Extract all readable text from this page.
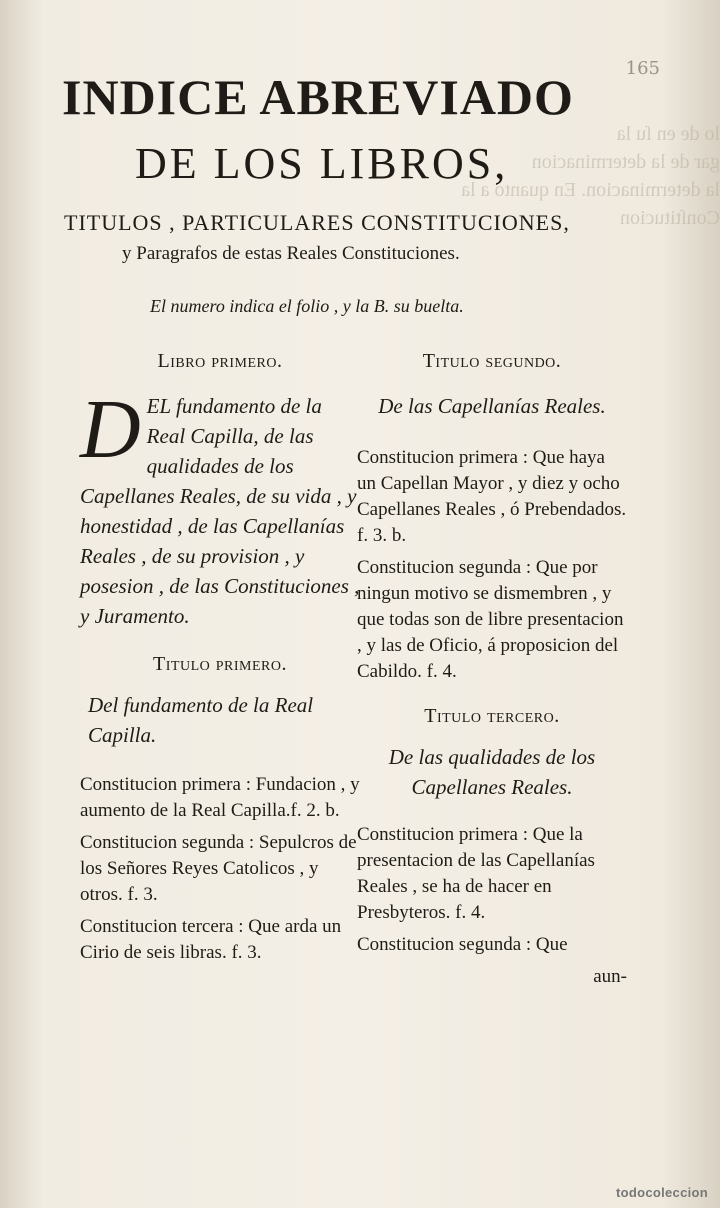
165
lo de en ſu la
gar de la determinacion
la determinacion. En quanto a la Conſtitucion
INDICE ABREVIADO
DE LOS LIBROS,
TITULOS , PARTICULARES CONSTITUCIONES,
y Paragrafos de estas Reales Constituciones.
El numero indica el folio , y la B. su buelta.
Libro primero.
D EL fundamento de la Real Capilla, de las qualidades de los Capellanes Reales, de su vida , y honestidad , de las Capellanías Reales , de su provision , y posesion , de las Constituciones , y Juramento.
Titulo primero.
Del fundamento de la Real Capilla.
Constitucion primera : Fundacion , y aumento de la Real Capilla.f. 2. b.
Constitucion segunda : Sepulcros de los Señores Reyes Catolicos , y otros. f. 3.
Constitucion tercera : Que arda un Cirio de seis libras. f. 3.
Titulo segundo.
De las Capellanías Reales.
Constitucion primera : Que haya un Capellan Mayor , y diez y ocho Capellanes Reales , ó Prebendados. f. 3. b.
Constitucion segunda : Que por ningun motivo se dismembren , y que todas son de libre presentacion , y las de Oficio, á proposicion del Cabildo. f. 4.
Titulo tercero.
De las qualidades de los Capellanes Reales.
Constitucion primera : Que la presentacion de las Capellanías Reales , se ha de hacer en Presbyteros. f. 4.
Constitucion segunda : Que
aun-
todocoleccion
